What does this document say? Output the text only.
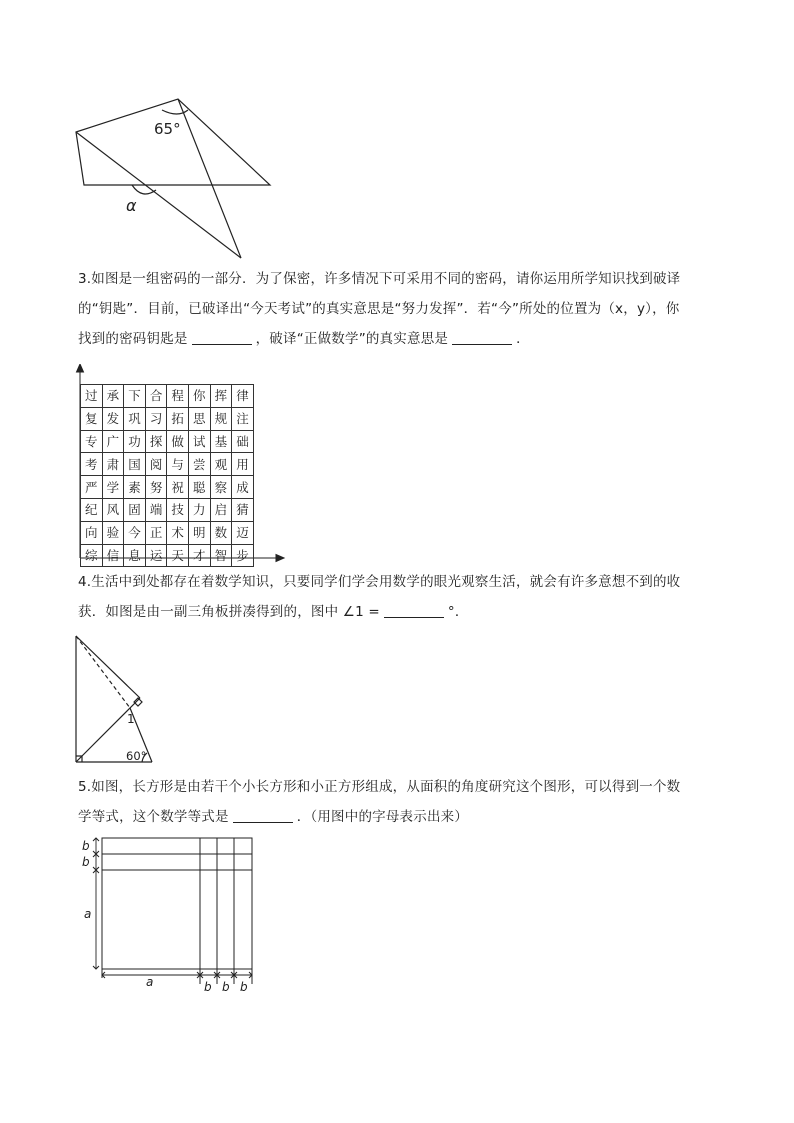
65°
α
3.如图是一组密码的一部分．为了保密，许多情况下可采用不同的密码，请你运用所学知识找到破译
的“钥匙”．目前，已破译出“今天考试”的真实意思是“努力发挥”．若“今”所处的位置为（x，y），你
找到的密码钥匙是	，破译“正做数学”的真实意思是	．
过	承	下	合	程	你	挥	律
复	发	巩	习	拓	思	规	注
专	广	功	探	做	试	基	础
考	肃	国	阅	与	尝	观	用
严	学	素	努	祝	聪	察	成
纪	风	固	端	技	力	启	猜
向	验	今	正	术	明	数	迈
综	信	息	运	天	才	智	步
4.生活中到处都存在着数学知识，只要同学们学会用数学的眼光观察生活，就会有许多意想不到的收
获．如图是由一副三角板拼凑得到的，图中 ∠1 =	°．
1
60°
5.如图，长方形是由若干个小长方形和小正方形组成，从面积的角度研究这个图形，可以得到一个数
学等式，这个数学等式是	．（用图中的字母表示出来）
b
b
a
a	b b b
